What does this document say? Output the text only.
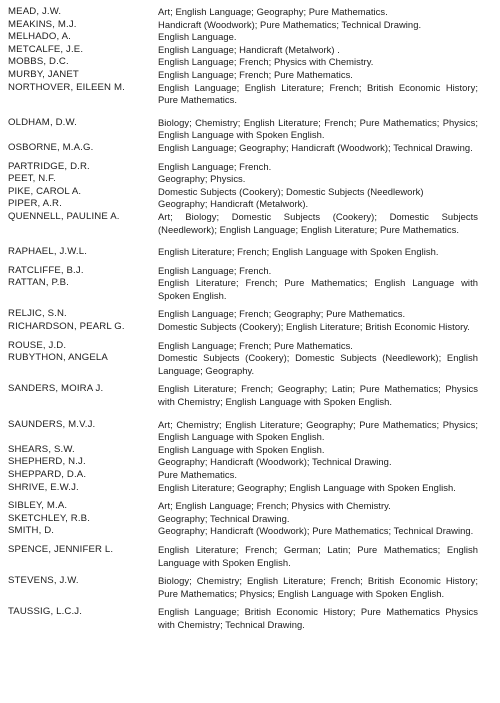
MEAD, J.W.	Art; English Language; Geography; Pure Mathematics.
MEAKINS, M.J.	Handicraft (Woodwork); Pure Mathematics; Technical Drawing.
MELHADO, A.	English Language.
METCALFE, J.E.	English Language; Handicraft (Metalwork) .
MOBBS, D.C.	English Language; French; Physics with Chemistry.
MURBY, JANET	English Language; French; Pure Mathematics.
NORTHOVER, EILEEN M.	English Language; English Literature; French; British Economic History; Pure Mathematics.
OLDHAM, D.W.	Biology; Chemistry; English Literature; French; Pure Mathematics; Physics; English Language with Spoken English.
OSBORNE, M.A.G.	English Language; Geography; Handicraft (Woodwork); Technical Drawing.
PARTRIDGE, D.R.	English Language; French.
PEET, N.F.	Geography; Physics.
PIKE, CAROL A.	Domestic Subjects (Cookery); Domestic Subjects (Needlework)
PIPER, A.R.	Geography; Handicraft (Metalwork).
QUENNELL, PAULINE A.	Art; Biology; Domestic Subjects (Cookery); Domestic Subjects (Needlework); English Language; English Literature; Pure Mathematics.
RAPHAEL, J.W.L.	English Literature; French; English Language with Spoken English.
RATCLIFFE, B.J.	English Language; French.
RATTAN, P.B.	English Literature; French; Pure Mathematics; English Language with Spoken English.
RELJIC, S.N.	English Language; French; Geography; Pure Mathematics.
RICHARDSON, PEARL G.	Domestic Subjects (Cookery); English Literature; British Economic History.
ROUSE, J.D.	English Language; French; Pure Mathematics.
RUBYTHON, ANGELA	Domestic Subjects (Cookery); Domestic Subjects (Needlework); English Language; Geography.
SANDERS, MOIRA J.	English Literature; French; Geography; Latin; Pure Mathematics; Physics with Chemistry; English Language with Spoken English.
SAUNDERS, M.V.J.	Art; Chemistry; English Literature; Geography; Pure Mathematics; Physics; English Language with Spoken English.
SHEARS, S.W.	English Language with Spoken English.
SHEPHERD, N.J.	Geography; Handicraft (Woodwork); Technical Drawing.
SHEPPARD, D.A.	Pure Mathematics.
SHRIVE, E.W.J.	English Literature; Geography; English Language with Spoken English.
SIBLEY, M.A.	Art; English Language; French; Physics with Chemistry.
SKETCHLEY, R.B.	Geography; Technical Drawing.
SMITH, D.	Geography; Handicraft (Woodwork); Pure Mathematics; Technical Drawing.
SPENCE, JENNIFER L.	English Literature; French; German; Latin; Pure Mathematics; English Language with Spoken English.
STEVENS, J.W.	Biology; Chemistry; English Literature; French; British Economic History; Pure Mathematics; Physics; English Language with Spoken English.
TAUSSIG, L.C.J.	English Language; British Economic History; Pure Mathematics Physics with Chemistry; Technical Drawing.
